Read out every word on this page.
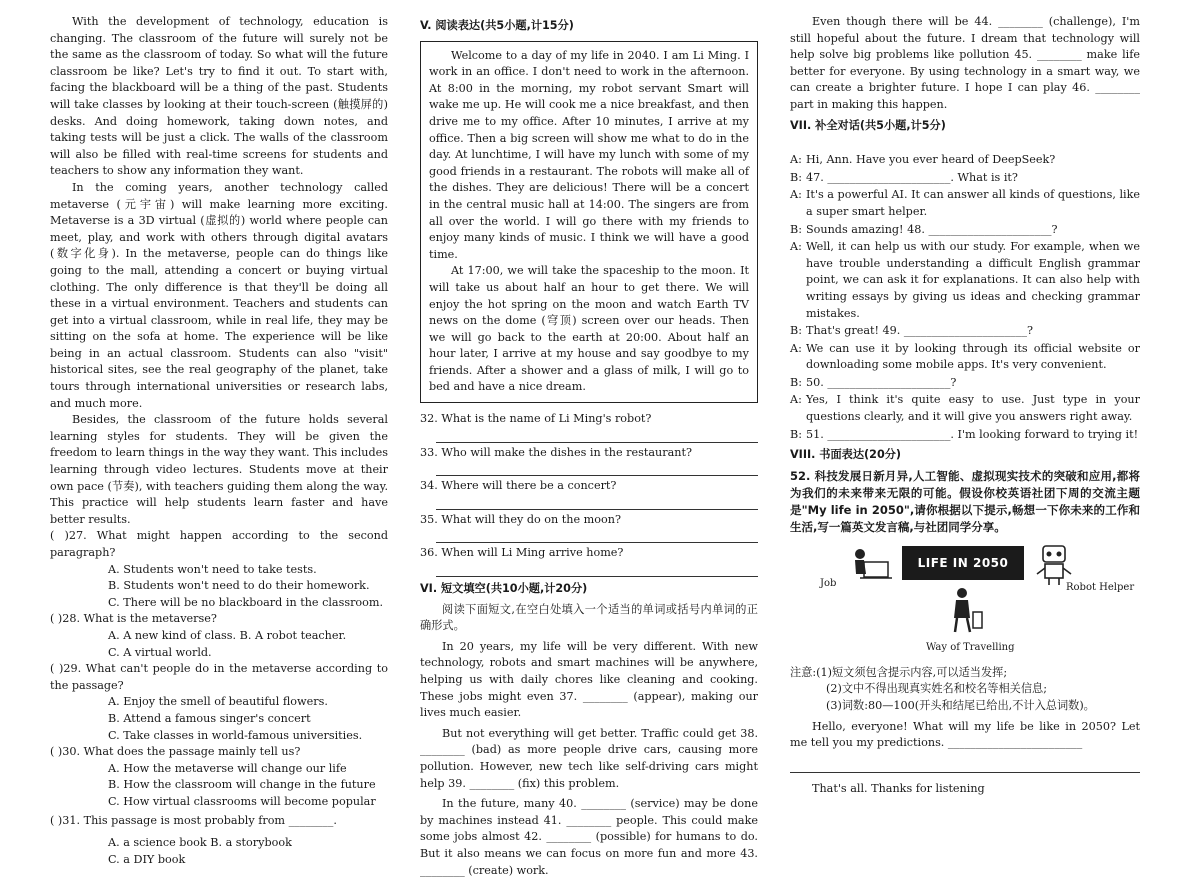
With the development of technology, education is changing. The classroom of the future will surely not be the same as the classroom of today. So what will the future classroom be like? Let's try to find it out. To start with, facing the blackboard will be a thing of the past. Students will take classes by looking at their touch-screen (触摸屏的) desks. And doing homework, taking down notes, and taking tests will be just a click. The walls of the classroom will also be filled with real-time screens for students and teachers to show any information they want.

In the coming years, another technology called metaverse (元宇宙) will make learning more exciting. Metaverse is a 3D virtual (虚拟的) world where people can meet, play, and work with others through digital avatars (数字化身). In the metaverse, people can do things like going to the mall, attending a concert or buying virtual clothing. The only difference is that they'll be doing all these in a virtual environment. Teachers and students can get into a virtual classroom, while in real life, they may be sitting on the sofa at home. The experience will be like being in an actual classroom. Students can also "visit" historical sites, see the real geography of the planet, take tours through international universities or research labs, and much more.

Besides, the classroom of the future holds several learning styles for students. They will be given the freedom to learn things in the way they want. This includes learning through video lectures. Students move at their own pace (节奏), with teachers guiding them along the way. This practice will help students learn faster and have better results.

( )27. What might happen according to the second paragraph?

A. Students won't need to take tests.

B. Students won't need to do their homework.

C. There will be no blackboard in the classroom.

( )28. What is the metaverse?

A. A new kind of class. B. A robot teacher.

C. A virtual world.

( )29. What can't people do in the metaverse according to the passage?

A. Enjoy the smell of beautiful flowers.

B. Attend a famous singer's concert

C. Take classes in world-famous universities.

( )30. What does the passage mainly tell us?

A. How the metaverse will change our life

B. How the classroom will change in the future

C. How virtual classrooms will become popular

( )31. This passage is most probably from ________.

A. a science book B. a storybook

C. a DIY book

V. 阅读表达(共5小题,计15分)

Welcome to a day of my life in 2040. I am Li Ming. I work in an office. I don't need to work in the afternoon. At 8:00 in the morning, my robot servant Smart will wake me up. He will cook me a nice breakfast, and then drive me to my office. After 10 minutes, I arrive at my office. Then a big screen will show me what to do in the day. At lunchtime, I will have my lunch with some of my good friends in a restaurant. The robots will make all of the dishes. They are delicious! There will be a concert in the central music hall at 14:00. The singers are from all over the world. I will go there with my friends to enjoy many kinds of music. I think we will have a good time.

At 17:00, we will take the spaceship to the moon. It will take us about half an hour to get there. We will enjoy the hot spring on the moon and watch Earth TV news on the dome (穹顶) screen over our heads. Then we will go back to the earth at 20:00. About half an hour later, I arrive at my house and say goodbye to my friends. After a shower and a glass of milk, I will go to bed and have a nice dream.

32. What is the name of Li Ming's robot?

33. Who will make the dishes in the restaurant?

34. Where will there be a concert?

35. What will they do on the moon?

36. When will Li Ming arrive home?

VI. 短文填空(共10小题,计20分)

阅读下面短文,在空白处填入一个适当的单词或括号内单词的正确形式。

In 20 years, my life will be very different. With new technology, robots and smart machines will be anywhere, helping us with daily chores like cleaning and cooking. These jobs might even 37. ________ (appear), making our lives much easier.

But not everything will get better. Traffic could get 38. ________ (bad) as more people drive cars, causing more pollution. However, new tech like self-driving cars might help 39. ________ (fix) this problem.

In the future, many 40. ________ (service) may be done by machines instead 41. ________ people. This could make some jobs almost 42. ________ (possible) for humans to do. But it also means we can focus on more fun and more 43. ________ (create) work.

Even though there will be 44. ________ (challenge), I'm still hopeful about the future. I dream that technology will help solve big problems like pollution 45. ________ make life better for everyone. By using technology in a smart way, we can create a brighter future. I hope I can play 46. ________ part in making this happen.

VII. 补全对话(共5小题,计5分)
A: Hi, Ann. Have you ever heard of DeepSeek?

B: 47. ______________________. What is it?

A: It's a powerful AI. It can answer all kinds of questions, like a super smart helper.

B: Sounds amazing! 48. ______________________?

A: Well, it can help us with our study. For example, when we have trouble understanding a difficult English grammar point, we can ask it for explanations. It can also help with writing essays by giving us ideas and checking grammar mistakes.

B: That's great! 49. ______________________?

A: We can use it by looking through its official website or downloading some mobile apps. It's very convenient.

B: 50. ______________________?

A: Yes, I think it's quite easy to use. Just type in your questions clearly, and it will give you answers right away.

B: 51. ______________________. I'm looking forward to trying it!

VIII. 书面表达(20分)

52. 科技发展日新月异,人工智能、虚拟现实技术的突破和应用,都将为我们的未来带来无限的可能。假设你校英语社团下周的交流主题是"My life in 2050",请你根据以下提示,畅想一下你未来的工作和生活,写一篇英文发言稿,与社团同学分享。

Job
LIFE IN 2050
Robot Helper
Way of Travelling

注意:(1)短文须包含提示内容,可以适当发挥;

(2)文中不得出现真实姓名和校名等相关信息;

(3)词数:80—100(开头和结尾已给出,不计入总词数)。

Hello, everyone! What will my life be like in 2050? Let me tell you my predictions. ________________________

That's all. Thanks for listening
